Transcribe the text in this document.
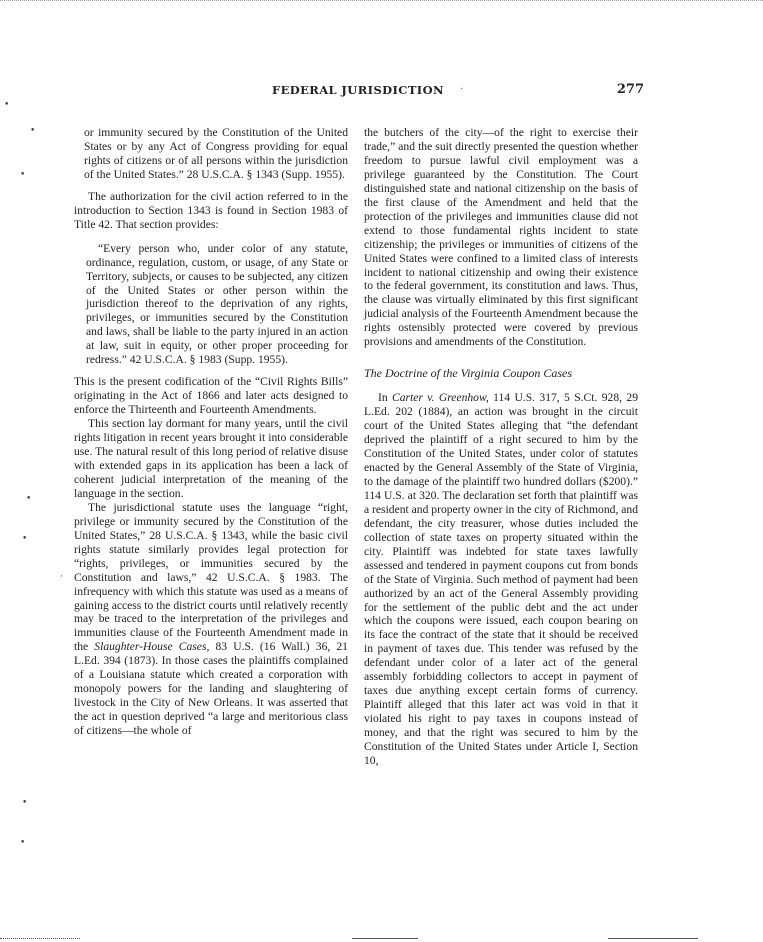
FEDERAL JURISDICTION ·	277
•
•
•
•
•
·
•
•

or immunity secured by the Constitution of the United States or by any Act of Congress providing for equal rights of citizens or of all persons within the jurisdiction of the United States.” 28 U.S.C.A. § 1343 (Supp. 1955).

The authorization for the civil action referred to in the introduction to Section 1343 is found in Section 1983 of Title 42. That section provides:

“Every person who, under color of any statute, ordinance, regulation, custom, or usage, of any State or Territory, subjects, or causes to be subjected, any citizen of the United States or other person within the jurisdiction thereof to the deprivation of any rights, privileges, or immunities secured by the Constitution and laws, shall be liable to the party injured in an action at law, suit in equity, or other proper proceeding for redress.” 42 U.S.C.A. § 1983 (Supp. 1955).

This is the present codification of the “Civil Rights Bills” originating in the Act of 1866 and later acts designed to enforce the Thirteenth and Fourteenth Amendments.

This section lay dormant for many years, until the civil rights litigation in recent years brought it into considerable use. The natural result of this long period of relative disuse with extended gaps in its application has been a lack of coherent judicial interpretation of the meaning of the language in the section.

The jurisdictional statute uses the language “right, privilege or immunity secured by the Constitution of the United States,” 28 U.S.C.A. § 1343, while the basic civil rights statute similarly provides legal protection for “rights, privileges, or immunities secured by the Constitution and laws,” 42 U.S.C.A. § 1983. The infrequency with which this statute was used as a means of gaining access to the district courts until relatively recently may be traced to the interpretation of the privileges and immunities clause of the Fourteenth Amendment made in the Slaughter-House Cases, 83 U.S. (16 Wall.) 36, 21 L.Ed. 394 (1873). In those cases the plaintiffs complained of a Louisiana statute which created a corporation with monopoly powers for the landing and slaughtering of livestock in the City of New Orleans. It was asserted that the act in question deprived “a large and meritorious class of citizens—the whole of

the butchers of the city—of the right to exercise their trade,” and the suit directly presented the question whether freedom to pursue lawful civil employment was a privilege guaranteed by the Constitution. The Court distinguished state and national citizenship on the basis of the first clause of the Amendment and held that the protection of the privileges and immunities clause did not extend to those fundamental rights incident to state citizenship; the privileges or immunities of citizens of the United States were confined to a limited class of interests incident to national citizenship and owing their existence to the federal government, its constitution and laws. Thus, the clause was virtually eliminated by this first significant judicial analysis of the Fourteenth Amendment because the rights ostensibly protected were covered by previous provisions and amendments of the Constitution.

The Doctrine of the Virginia Coupon Cases

In Carter v. Greenhow, 114 U.S. 317, 5 S.Ct. 928, 29 L.Ed. 202 (1884), an action was brought in the circuit court of the United States alleging that “the defendant deprived the plaintiff of a right secured to him by the Constitution of the United States, under color of statutes enacted by the General Assembly of the State of Virginia, to the damage of the plaintiff two hundred dollars ($200).” 114 U.S. at 320. The declaration set forth that plaintiff was a resident and property owner in the city of Richmond, and defendant, the city treasurer, whose duties included the collection of state taxes on property situated within the city. Plaintiff was indebted for state taxes lawfully assessed and tendered in payment coupons cut from bonds of the State of Virginia. Such method of payment had been authorized by an act of the General Assembly providing for the settlement of the public debt and the act under which the coupons were issued, each coupon bearing on its face the contract of the state that it should be received in payment of taxes due. This tender was refused by the defendant under color of a later act of the general assembly forbidding collectors to accept in payment of taxes due anything except certain forms of currency. Plaintiff alleged that this later act was void in that it violated his right to pay taxes in coupons instead of money, and that the right was secured to him by the Constitution of the United States under Article I, Section 10,
